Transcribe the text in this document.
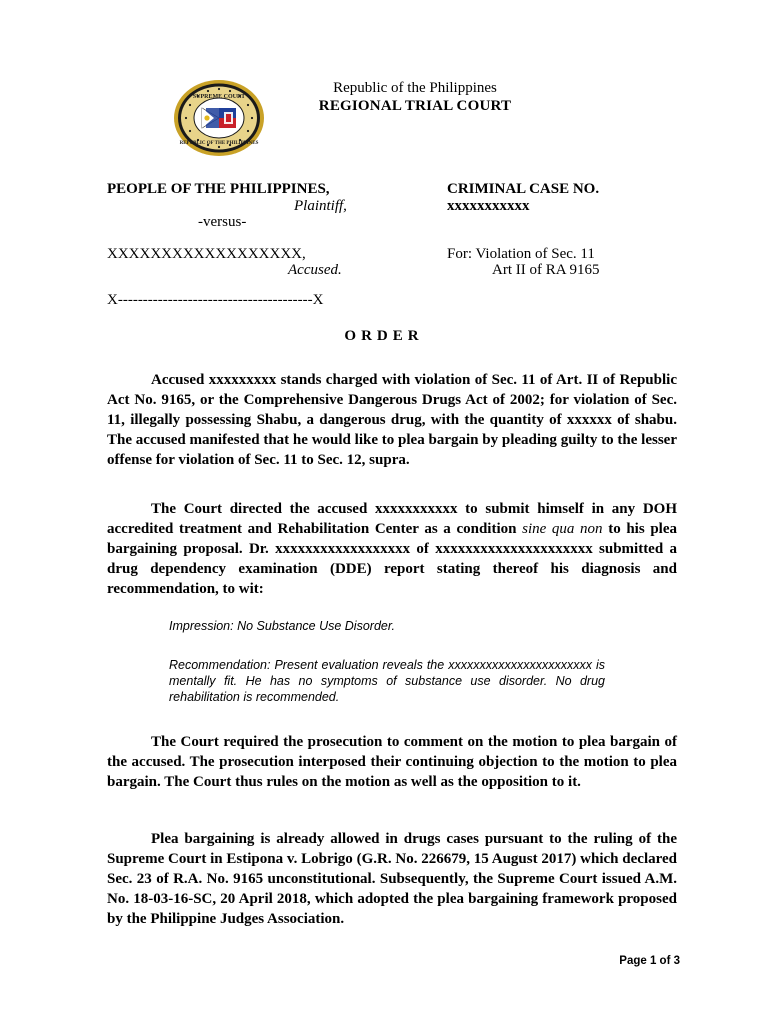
SUPREME COURT
REPUBLIC OF THE PHILIPPINES
Republic of the Philippines
REGIONAL TRIAL COURT
PEOPLE OF THE PHILIPPINES,
Plaintiff,
-versus-
XXXXXXXXXXXXXXXXXX,
Accused.
CRIMINAL CASE NO.
xxxxxxxxxxx
For: Violation of Sec. 11
Art II of RA 9165
X---------------------------------------X
ORDER
Accused xxxxxxxxx stands charged with violation of Sec. 11 of Art. II of Republic Act No. 9165, or the Comprehensive Dangerous Drugs Act of 2002; for violation of Sec. 11, illegally possessing Shabu, a dangerous drug, with the quantity of xxxxxx of shabu. The accused manifested that he would like to plea bargain by pleading guilty to the lesser offense for violation of Sec. 11 to Sec. 12, supra.
The Court directed the accused xxxxxxxxxxx to submit himself in any DOH accredited treatment and Rehabilitation Center as a condition sine qua non to his plea bargaining proposal. Dr. xxxxxxxxxxxxxxxxxx of xxxxxxxxxxxxxxxxxxxxx submitted a drug dependency examination (DDE) report stating thereof his diagnosis and recommendation, to wit:
Impression: No Substance Use Disorder.
Recommendation: Present evaluation reveals the xxxxxxxxxxxxxxxxxxxxxxx is mentally fit. He has no symptoms of substance use disorder. No drug rehabilitation is recommended.
The Court required the prosecution to comment on the motion to plea bargain of the accused. The prosecution interposed their continuing objection to the motion to plea bargain. The Court thus rules on the motion as well as the opposition to it.
Plea bargaining is already allowed in drugs cases pursuant to the ruling of the Supreme Court in Estipona v. Lobrigo (G.R. No. 226679, 15 August 2017) which declared Sec. 23 of R.A. No. 9165 unconstitutional. Subsequently, the Supreme Court issued A.M. No. 18-03-16-SC, 20 April 2018, which adopted the plea bargaining framework proposed by the Philippine Judges Association.
Page 1 of 3
